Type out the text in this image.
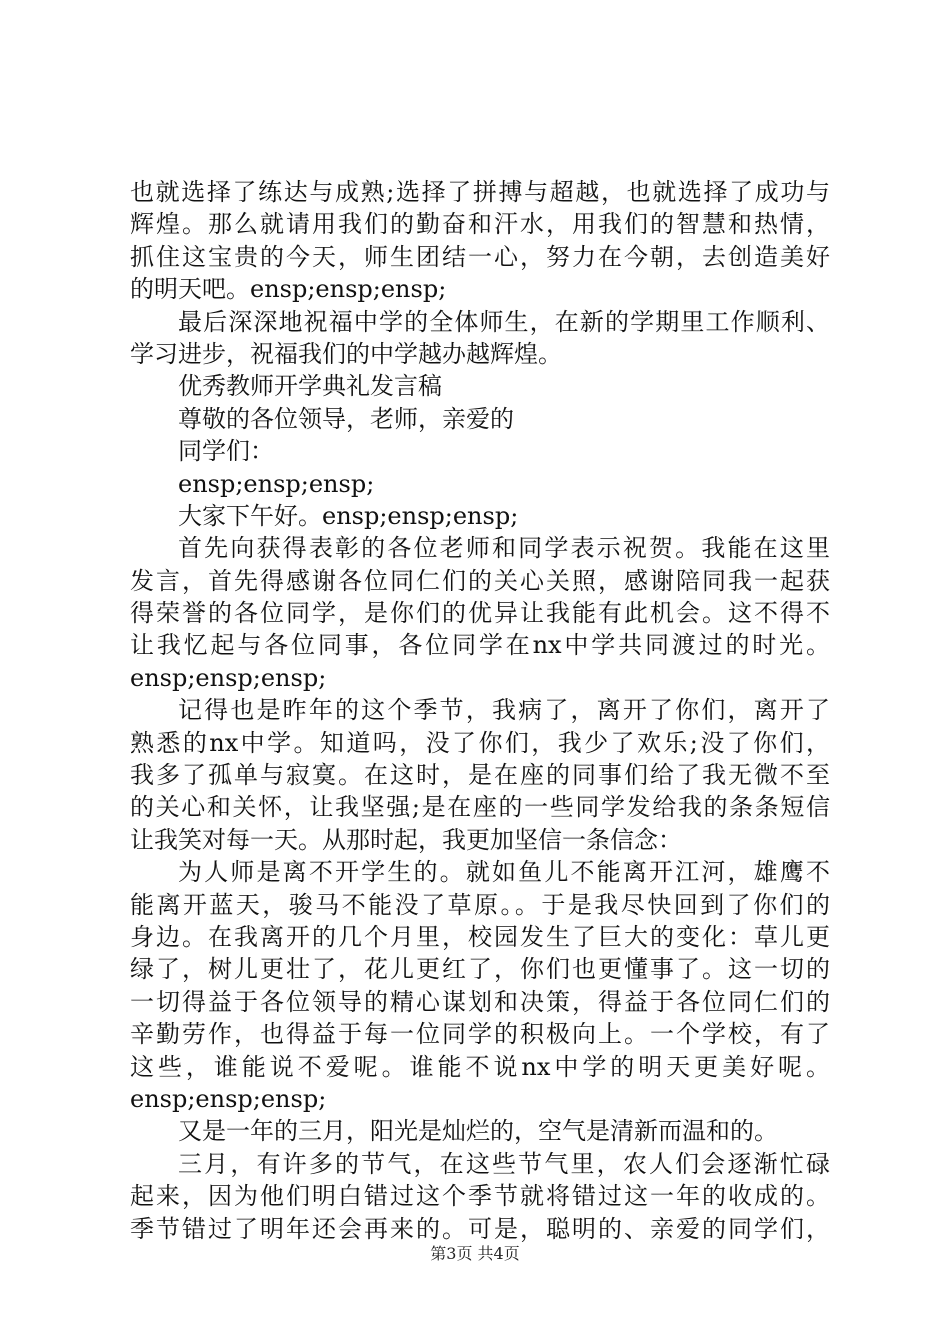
也就选择了练达与成熟;选择了拼搏与超越，也就选择了成功与
辉煌。那么就请用我们的勤奋和汗水，用我们的智慧和热情，
抓住这宝贵的今天，师生团结一心，努力在今朝，去创造美好
的明天吧。ensp;ensp;ensp;
最后深深地祝福中学的全体师生，在新的学期里工作顺利、
学习进步，祝福我们的中学越办越辉煌。
优秀教师开学典礼发言稿
尊敬的各位领导，老师，亲爱的
同学们：
ensp;ensp;ensp;
大家下午好。ensp;ensp;ensp;
首先向获得表彰的各位老师和同学表示祝贺。我能在这里
发言，首先得感谢各位同仁们的关心关照，感谢陪同我一起获
得荣誉的各位同学，是你们的优异让我能有此机会。这不得不
让我忆起与各位同事，各位同学在nx中学共同渡过的时光。
ensp;ensp;ensp;
记得也是昨年的这个季节，我病了，离开了你们，离开了
熟悉的nx中学。知道吗，没了你们，我少了欢乐;没了你们，
我多了孤单与寂寞。在这时，是在座的同事们给了我无微不至
的关心和关怀，让我坚强;是在座的一些同学发给我的条条短信
让我笑对每一天。从那时起，我更加坚信一条信念：
为人师是离不开学生的。就如鱼儿不能离开江河，雄鹰不
能离开蓝天，骏马不能没了草原。。于是我尽快回到了你们的
身边。在我离开的几个月里，校园发生了巨大的变化：草儿更
绿了，树儿更壮了，花儿更红了，你们也更懂事了。这一切的
一切得益于各位领导的精心谋划和决策，得益于各位同仁们的
辛勤劳作，也得益于每一位同学的积极向上。一个学校，有了
这些，谁能说不爱呢。谁能不说nx中学的明天更美好呢。
ensp;ensp;ensp;
又是一年的三月，阳光是灿烂的，空气是清新而温和的。
三月，有许多的节气，在这些节气里，农人们会逐渐忙碌
起来，因为他们明白错过这个季节就将错过这一年的收成的。
季节错过了明年还会再来的。可是，聪明的、亲爱的同学们，
第3页 共4页
